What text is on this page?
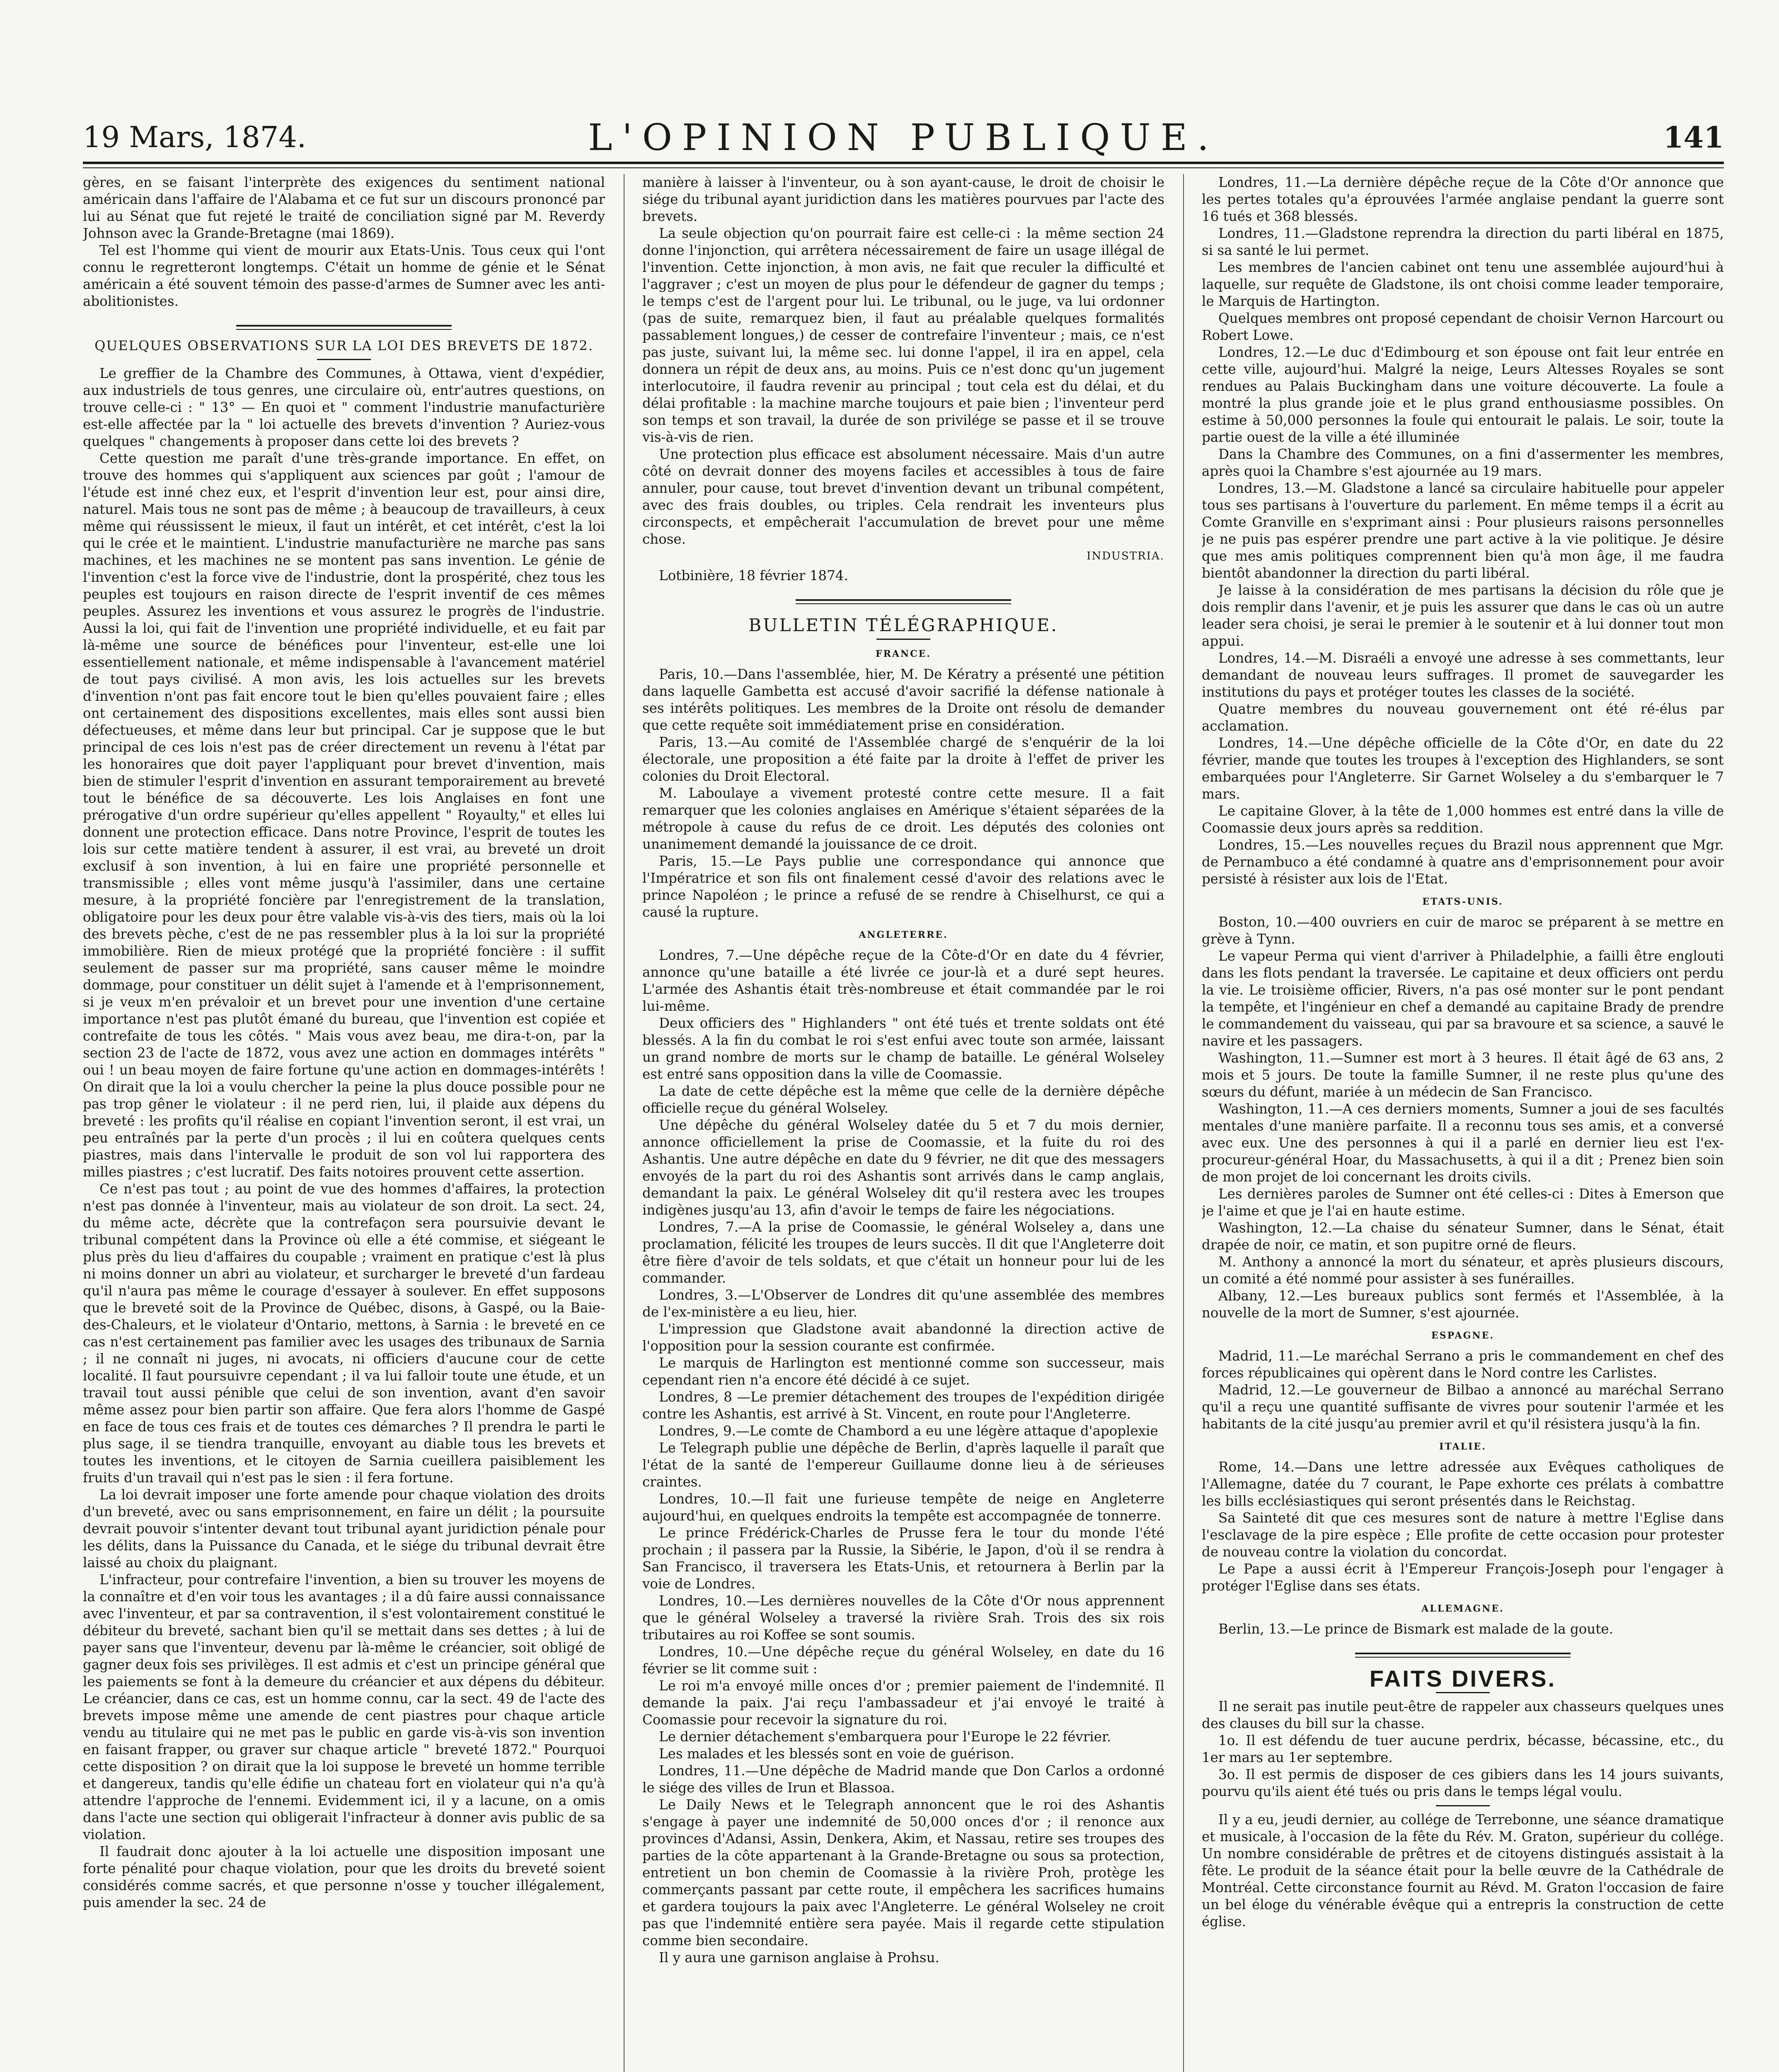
19 Mars, 1874.	L'OPINION PUBLIQUE.	141

gères, en se faisant l'interprète des exigences du sentiment national américain dans l'affaire de l'Alabama et ce fut sur un discours prononcé par lui au Sénat que fut rejeté le traité de conciliation signé par M. Reverdy Johnson avec la Grande-Bretagne (mai 1869).

Tel est l'homme qui vient de mourir aux Etats-Unis. Tous ceux qui l'ont connu le regretteront longtemps. C'était un homme de génie et le Sénat américain a été souvent témoin des passe-d'armes de Sumner avec les anti-abolitionistes.

QUELQUES OBSERVATIONS SUR LA LOI DES BREVETS DE 1872.

Le greffier de la Chambre des Communes, à Ottawa, vient d'expédier, aux industriels de tous genres, une circulaire où, entr'autres questions, on trouve celle-ci : " 13° — En quoi et " comment l'industrie manufacturière est-elle affectée par la " loi actuelle des brevets d'invention ? Auriez-vous quelques " changements à proposer dans cette loi des brevets ?

Cette question me paraît d'une très-grande importance. En effet, on trouve des hommes qui s'appliquent aux sciences par goût ; l'amour de l'étude est inné chez eux, et l'esprit d'invention leur est, pour ainsi dire, naturel. Mais tous ne sont pas de même ; à beaucoup de travailleurs, à ceux même qui réussissent le mieux, il faut un intérêt, et cet intérêt, c'est la loi qui le crée et le maintient. L'industrie manufacturière ne marche pas sans machines, et les machines ne se montent pas sans invention. Le génie de l'invention c'est la force vive de l'industrie, dont la prospérité, chez tous les peuples est toujours en raison directe de l'esprit inventif de ces mêmes peuples. Assurez les inventions et vous assurez le progrès de l'industrie. Aussi la loi, qui fait de l'invention une propriété individuelle, et eu fait par là-même une source de bénéfices pour l'inventeur, est-elle une loi essentiellement nationale, et même indispensable à l'avancement matériel de tout pays civilisé. A mon avis, les lois actuelles sur les brevets d'invention n'ont pas fait encore tout le bien qu'elles pouvaient faire ; elles ont certainement des dispositions excellentes, mais elles sont aussi bien défectueuses, et même dans leur but principal. Car je suppose que le but principal de ces lois n'est pas de créer directement un revenu à l'état par les honoraires que doit payer l'appliquant pour brevet d'invention, mais bien de stimuler l'esprit d'invention en assurant temporairement au breveté tout le bénéfice de sa découverte. Les lois Anglaises en font une prérogative d'un ordre supérieur qu'elles appellent " Royaulty," et elles lui donnent une protection efficace. Dans notre Province, l'esprit de toutes les lois sur cette matière tendent à assurer, il est vrai, au breveté un droit exclusif à son invention, à lui en faire une propriété personnelle et transmissible ; elles vont même jusqu'à l'assimiler, dans une certaine mesure, à la propriété foncière par l'enregistrement de la translation, obligatoire pour les deux pour être valable vis-à-vis des tiers, mais où la loi des brevets pèche, c'est de ne pas ressembler plus à la loi sur la propriété immobilière. Rien de mieux protégé que la propriété foncière : il suffit seulement de passer sur ma propriété, sans causer même le moindre dommage, pour constituer un délit sujet à l'amende et à l'emprisonnement, si je veux m'en prévaloir et un brevet pour une invention d'une certaine importance n'est pas plutôt émané du bureau, que l'invention est copiée et contrefaite de tous les côtés. " Mais vous avez beau, me dira-t-on, par la section 23 de l'acte de 1872, vous avez une action en dommages intérêts " oui ! un beau moyen de faire fortune qu'une action en dommages-intérêts ! On dirait que la loi a voulu chercher la peine la plus douce possible pour ne pas trop gêner le violateur : il ne perd rien, lui, il plaide aux dépens du breveté : les profits qu'il réalise en copiant l'invention seront, il est vrai, un peu entraînés par la perte d'un procès ; il lui en coûtera quelques cents piastres, mais dans l'intervalle le produit de son vol lui rapportera des milles piastres ; c'est lucratif. Des faits notoires prouvent cette assertion.

Ce n'est pas tout ; au point de vue des hommes d'affaires, la protection n'est pas donnée à l'inventeur, mais au violateur de son droit. La sect. 24, du même acte, décrète que la contrefaçon sera poursuivie devant le tribunal compétent dans la Province où elle a été commise, et siégeant le plus près du lieu d'affaires du coupable ; vraiment en pratique c'est là plus ni moins donner un abri au violateur, et surcharger le breveté d'un fardeau qu'il n'aura pas même le courage d'essayer à soulever. En effet supposons que le breveté soit de la Province de Québec, disons, à Gaspé, ou la Baie-des-Chaleurs, et le violateur d'Ontario, mettons, à Sarnia : le breveté en ce cas n'est certainement pas familier avec les usages des tribunaux de Sarnia ; il ne connaît ni juges, ni avocats, ni officiers d'aucune cour de cette localité. Il faut poursuivre cependant ; il va lui falloir toute une étude, et un travail tout aussi pénible que celui de son invention, avant d'en savoir même assez pour bien partir son affaire. Que fera alors l'homme de Gaspé en face de tous ces frais et de toutes ces démarches ? Il prendra le parti le plus sage, il se tiendra tranquille, envoyant au diable tous les brevets et toutes les inventions, et le citoyen de Sarnia cueillera paisiblement les fruits d'un travail qui n'est pas le sien : il fera fortune.

La loi devrait imposer une forte amende pour chaque violation des droits d'un breveté, avec ou sans emprisonnement, en faire un délit ; la poursuite devrait pouvoir s'intenter devant tout tribunal ayant juridiction pénale pour les délits, dans la Puissance du Canada, et le siége du tribunal devrait être laissé au choix du plaignant.

L'infracteur, pour contrefaire l'invention, a bien su trouver les moyens de la connaître et d'en voir tous les avantages ; il a dû faire aussi connaissance avec l'inventeur, et par sa contravention, il s'est volontairement constitué le débiteur du breveté, sachant bien qu'il se mettait dans ses dettes ; à lui de payer sans que l'inventeur, devenu par là-même le créancier, soit obligé de gagner deux fois ses privilèges. Il est admis et c'est un principe général que les paiements se font à la demeure du créancier et aux dépens du débiteur. Le créancier, dans ce cas, est un homme connu, car la sect. 49 de l'acte des brevets impose même une amende de cent piastres pour chaque article vendu au titulaire qui ne met pas le public en garde vis-à-vis son invention en faisant frapper, ou graver sur chaque article " breveté 1872." Pourquoi cette disposition ? on dirait que la loi suppose le breveté un homme terrible et dangereux, tandis qu'elle édifie un chateau fort en violateur qui n'a qu'à attendre l'approche de l'ennemi. Evidemment ici, il y a lacune, on a omis dans l'acte une section qui obligerait l'infracteur à donner avis public de sa violation.

Il faudrait donc ajouter à la loi actuelle une disposition imposant une forte pénalité pour chaque violation, pour que les droits du breveté soient considérés comme sacrés, et que personne n'osse y toucher illégalement, puis amender la sec. 24 de

manière à laisser à l'inventeur, ou à son ayant-cause, le droit de choisir le siége du tribunal ayant juridiction dans les matières pourvues par l'acte des brevets.

La seule objection qu'on pourrait faire est celle-ci : la même section 24 donne l'injonction, qui arrêtera nécessairement de faire un usage illégal de l'invention. Cette injonction, à mon avis, ne fait que reculer la difficulté et l'aggraver ; c'est un moyen de plus pour le défendeur de gagner du temps ; le temps c'est de l'argent pour lui. Le tribunal, ou le juge, va lui ordonner (pas de suite, remarquez bien, il faut au préalable quelques formalités passablement longues,) de cesser de contrefaire l'inventeur ; mais, ce n'est pas juste, suivant lui, la même sec. lui donne l'appel, il ira en appel, cela donnera un répit de deux ans, au moins. Puis ce n'est donc qu'un jugement interlocutoire, il faudra revenir au principal ; tout cela est du délai, et du délai profitable : la machine marche toujours et paie bien ; l'inventeur perd son temps et son travail, la durée de son privilége se passe et il se trouve vis-à-vis de rien.

Une protection plus efficace est absolument nécessaire. Mais d'un autre côté on devrait donner des moyens faciles et accessibles à tous de faire annuler, pour cause, tout brevet d'invention devant un tribunal compétent, avec des frais doubles, ou triples. Cela rendrait les inventeurs plus circonspects, et empêcherait l'accumulation de brevet pour une même chose.

INDUSTRIA.

Lotbinière, 18 février 1874.

BULLETIN TÉLÉGRAPHIQUE.
FRANCE.

Paris, 10.—Dans l'assemblée, hier, M. De Kératry a présenté une pétition dans laquelle Gambetta est accusé d'avoir sacrifié la défense nationale à ses intérêts politiques. Les membres de la Droite ont résolu de demander que cette requête soit immédiatement prise en considération.

Paris, 13.—Au comité de l'Assemblée chargé de s'enquérir de la loi électorale, une proposition a été faite par la droite à l'effet de priver les colonies du Droit Electoral.

M. Laboulaye a vivement protesté contre cette mesure. Il a fait remarquer que les colonies anglaises en Amérique s'étaient séparées de la métropole à cause du refus de ce droit. Les députés des colonies ont unanimement demandé la jouissance de ce droit.

Paris, 15.—Le Pays publie une correspondance qui annonce que l'Impératrice et son fils ont finalement cessé d'avoir des relations avec le prince Napoléon ; le prince a refusé de se rendre à Chiselhurst, ce qui a causé la rupture.

ANGLETERRE.

Londres, 7.—Une dépêche reçue de la Côte-d'Or en date du 4 février, annonce qu'une bataille a été livrée ce jour-là et a duré sept heures. L'armée des Ashantis était très-nombreuse et était commandée par le roi lui-même.

Deux officiers des " Highlanders " ont été tués et trente soldats ont été blessés. A la fin du combat le roi s'est enfui avec toute son armée, laissant un grand nombre de morts sur le champ de bataille. Le général Wolseley est entré sans opposition dans la ville de Coomassie.

La date de cette dépêche est la même que celle de la dernière dépêche officielle reçue du général Wolseley.

Une dépêche du général Wolseley datée du 5 et 7 du mois dernier, annonce officiellement la prise de Coomassie, et la fuite du roi des Ashantis. Une autre dépêche en date du 9 février, ne dit que des messagers envoyés de la part du roi des Ashantis sont arrivés dans le camp anglais, demandant la paix. Le général Wolseley dit qu'il restera avec les troupes indigènes jusqu'au 13, afin d'avoir le temps de faire les négociations.

Londres, 7.—A la prise de Coomassie, le général Wolseley a, dans une proclamation, félicité les troupes de leurs succès. Il dit que l'Angleterre doit être fière d'avoir de tels soldats, et que c'était un honneur pour lui de les commander.

Londres, 3.—L'Observer de Londres dit qu'une assemblée des membres de l'ex-ministère a eu lieu, hier.

L'impression que Gladstone avait abandonné la direction active de l'opposition pour la session courante est confirmée.

Le marquis de Harlington est mentionné comme son successeur, mais cependant rien n'a encore été décidé à ce sujet.

Londres, 8 —Le premier détachement des troupes de l'expédition dirigée contre les Ashantis, est arrivé à St. Vincent, en route pour l'Angleterre.

Londres, 9.—Le comte de Chambord a eu une légère attaque d'apoplexie

Le Telegraph publie une dépêche de Berlin, d'après laquelle il paraît que l'état de la santé de l'empereur Guillaume donne lieu à de sérieuses craintes.

Londres, 10.—Il fait une furieuse tempête de neige en Angleterre aujourd'hui, en quelques endroits la tempête est accompagnée de tonnerre.

Le prince Frédérick-Charles de Prusse fera le tour du monde l'été prochain ; il passera par la Russie, la Sibérie, le Japon, d'où il se rendra à San Francisco, il traversera les Etats-Unis, et retournera à Berlin par la voie de Londres.

Londres, 10.—Les dernières nouvelles de la Côte d'Or nous apprennent que le général Wolseley a traversé la rivière Srah. Trois des six rois tributaires au roi Koffee se sont soumis.

Londres, 10.—Une dépêche reçue du général Wolseley, en date du 16 février se lit comme suit :

Le roi m'a envoyé mille onces d'or ; premier paiement de l'indemnité. Il demande la paix. J'ai reçu l'ambassadeur et j'ai envoyé le traité à Coomassie pour recevoir la signature du roi.

Le dernier détachement s'embarquera pour l'Europe le 22 février.

Les malades et les blessés sont en voie de guérison.

Londres, 11.—Une dépêche de Madrid mande que Don Carlos a ordonné le siége des villes de Irun et Blassoa.

Le Daily News et le Telegraph annoncent que le roi des Ashantis s'engage à payer une indemnité de 50,000 onces d'or ; il renonce aux provinces d'Adansi, Assin, Denkera, Akim, et Nassau, retire ses troupes des parties de la côte appartenant à la Grande-Bretagne ou sous sa protection, entretient un bon chemin de Coomassie à la rivière Proh, protège les commerçants passant par cette route, il empêchera les sacrifices humains et gardera toujours la paix avec l'Angleterre. Le général Wolseley ne croit pas que l'indemnité entière sera payée. Mais il regarde cette stipulation comme bien secondaire.

Il y aura une garnison anglaise à Prohsu.

Londres, 11.—La dernière dépêche reçue de la Côte d'Or annonce que les pertes totales qu'a éprouvées l'armée anglaise pendant la guerre sont 16 tués et 368 blessés.

Londres, 11.—Gladstone reprendra la direction du parti libéral en 1875, si sa santé le lui permet.

Les membres de l'ancien cabinet ont tenu une assemblée aujourd'hui à laquelle, sur requête de Gladstone, ils ont choisi comme leader temporaire, le Marquis de Hartington.

Quelques membres ont proposé cependant de choisir Vernon Harcourt ou Robert Lowe.

Londres, 12.—Le duc d'Edimbourg et son épouse ont fait leur entrée en cette ville, aujourd'hui. Malgré la neige, Leurs Altesses Royales se sont rendues au Palais Buckingham dans une voiture découverte. La foule a montré la plus grande joie et le plus grand enthousiasme possibles. On estime à 50,000 personnes la foule qui entourait le palais. Le soir, toute la partie ouest de la ville a été illuminée

Dans la Chambre des Communes, on a fini d'assermenter les membres, après quoi la Chambre s'est ajournée au 19 mars.

Londres, 13.—M. Gladstone a lancé sa circulaire habituelle pour appeler tous ses partisans à l'ouverture du parlement. En même temps il a écrit au Comte Granville en s'exprimant ainsi : Pour plusieurs raisons personnelles je ne puis pas espérer prendre une part active à la vie politique. Je désire que mes amis politiques comprennent bien qu'à mon âge, il me faudra bientôt abandonner la direction du parti libéral.

Je laisse à la considération de mes partisans la décision du rôle que je dois remplir dans l'avenir, et je puis les assurer que dans le cas où un autre leader sera choisi, je serai le premier à le soutenir et à lui donner tout mon appui.

Londres, 14.—M. Disraéli a envoyé une adresse à ses commettants, leur demandant de nouveau leurs suffrages. Il promet de sauvegarder les institutions du pays et protéger toutes les classes de la société.

Quatre membres du nouveau gouvernement ont été ré-élus par acclamation.

Londres, 14.—Une dépêche officielle de la Côte d'Or, en date du 22 février, mande que toutes les troupes à l'exception des Highlanders, se sont embarquées pour l'Angleterre. Sir Garnet Wolseley a du s'embarquer le 7 mars.

Le capitaine Glover, à la tête de 1,000 hommes est entré dans la ville de Coomassie deux jours après sa reddition.

Londres, 15.—Les nouvelles reçues du Brazil nous apprennent que Mgr. de Pernambuco a été condamné à quatre ans d'emprisonnement pour avoir persisté à résister aux lois de l'Etat.

ETATS-UNIS.

Boston, 10.—400 ouvriers en cuir de maroc se préparent à se mettre en grève à Tynn.

Le vapeur Perma qui vient d'arriver à Philadelphie, a failli être englouti dans les flots pendant la traversée. Le capitaine et deux officiers ont perdu la vie. Le troisième officier, Rivers, n'a pas osé monter sur le pont pendant la tempête, et l'ingénieur en chef a demandé au capitaine Brady de prendre le commandement du vaisseau, qui par sa bravoure et sa science, a sauvé le navire et les passagers.

Washington, 11.—Sumner est mort à 3 heures. Il était âgé de 63 ans, 2 mois et 5 jours. De toute la famille Sumner, il ne reste plus qu'une des sœurs du défunt, mariée à un médecin de San Francisco.

Washington, 11.—A ces derniers moments, Sumner a joui de ses facultés mentales d'une manière parfaite. Il a reconnu tous ses amis, et a conversé avec eux. Une des personnes à qui il a parlé en dernier lieu est l'ex-procureur-général Hoar, du Massachusetts, à qui il a dit ; Prenez bien soin de mon projet de loi concernant les droits civils.

Les dernières paroles de Sumner ont été celles-ci : Dites à Emerson que je l'aime et que je l'ai en haute estime.

Washington, 12.—La chaise du sénateur Sumner, dans le Sénat, était drapée de noir, ce matin, et son pupitre orné de fleurs.

M. Anthony a annoncé la mort du sénateur, et après plusieurs discours, un comité a été nommé pour assister à ses funérailles.

Albany, 12.—Les bureaux publics sont fermés et l'Assemblée, à la nouvelle de la mort de Sumner, s'est ajournée.

ESPAGNE.

Madrid, 11.—Le maréchal Serrano a pris le commandement en chef des forces républicaines qui opèrent dans le Nord contre les Carlistes.

Madrid, 12.—Le gouverneur de Bilbao a annoncé au maréchal Serrano qu'il a reçu une quantité suffisante de vivres pour soutenir l'armée et les habitants de la cité jusqu'au premier avril et qu'il résistera jusqu'à la fin.

ITALIE.

Rome, 14.—Dans une lettre adressée aux Evêques catholiques de l'Allemagne, datée du 7 courant, le Pape exhorte ces prélats à combattre les bills ecclésiastiques qui seront présentés dans le Reichstag.

Sa Sainteté dit que ces mesures sont de nature à mettre l'Eglise dans l'esclavage de la pire espèce ; Elle profite de cette occasion pour protester de nouveau contre la violation du concordat.

Le Pape a aussi écrit à l'Empereur François-Joseph pour l'engager à protéger l'Eglise dans ses états.

ALLEMAGNE.

Berlin, 13.—Le prince de Bismark est malade de la goute.

FAITS DIVERS.

Il ne serait pas inutile peut-être de rappeler aux chasseurs quelques unes des clauses du bill sur la chasse.

1o. Il est défendu de tuer aucune perdrix, bécasse, bécassine, etc., du 1er mars au 1er septembre.

3o. Il est permis de disposer de ces gibiers dans les 14 jours suivants, pourvu qu'ils aient été tués ou pris dans le temps légal voulu.

Il y a eu, jeudi dernier, au collége de Terrebonne, une séance dramatique et musicale, à l'occasion de la fête du Rév. M. Graton, supérieur du collége. Un nombre considérable de prêtres et de citoyens distingués assistait à la fête. Le produit de la séance était pour la belle œuvre de la Cathédrale de Montréal. Cette circonstance fournit au Révd. M. Graton l'occasion de faire un bel éloge du vénérable évêque qui a entrepris la construction de cette église.
